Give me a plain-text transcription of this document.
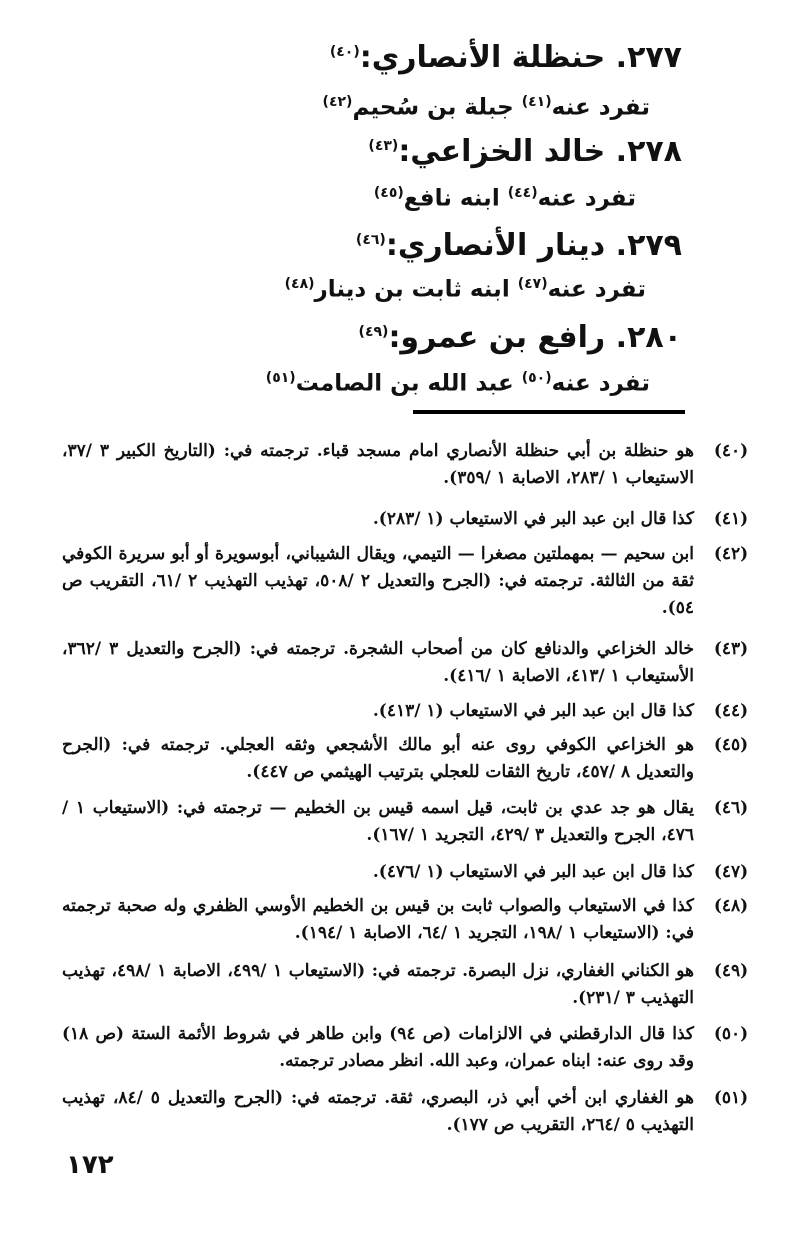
٢٧٧. حنظلة الأنصاري:$^{(٤٠)}$
تفرد عنه$^{(٤١)}$ جبلة بن سُحيم$^{(٤٢)}$
٢٧٨. خالد الخزاعي:$^{(٤٣)}$
تفرد عنه$^{(٤٤)}$ ابنه نافع$^{(٤٥)}$
٢٧٩. دينار الأنصاري:$^{(٤٦)}$
تفرد عنه$^{(٤٧)}$ ابنه ثابت بن دينار$^{(٤٨)}$
٢٨٠. رافع بن عمرو:$^{(٤٩)}$
تفرد عنه$^{(٥٠)}$ عبد الله بن الصامت$^{(٥١)}$
(٤٠)
هو حنظلة بن أبي حنظلة الأنصاري امام مسجد قباء. ترجمته في: (التاريخ الكبير ٣ /٣٧، الاستيعاب ١ /٢٨٣، الاصابة ١ /٣٥٩).
(٤١)
كذا قال ابن عبد البر في الاستيعاب (١ /٢٨٣).
(٤٢)
ابن سحيم — بمهملتين مصغرا — التيمي، ويقال الشيباني، أبوسويرة أو أبو سريرة الكوفي ثقة من الثالثة. ترجمته في: (الجرح والتعديل ٢ /٥٠٨، تهذيب التهذيب ٢ /٦١، التقريب ص ٥٤).
(٤٣)
خالد الخزاعي والدنافع كان من أصحاب الشجرة. ترجمته في: (الجرح والتعديل ٣ /٣٦٢، الأستيعاب ١ /٤١٣، الاصابة ١ /٤١٦).
(٤٤)
كذا قال ابن عبد البر في الاستيعاب (١ /٤١٣).
(٤٥)
هو الخزاعي الكوفي روى عنه أبو مالك الأشجعي وثقه العجلي. ترجمته في: (الجرح والتعديل ٨ /٤٥٧، تاريخ الثقات للعجلي بترتيب الهيثمي ص ٤٤٧).
(٤٦)
يقال هو جد عدي بن ثابت، قيل اسمه قيس بن الخطيم — ترجمته في: (الاستيعاب ١ /٤٧٦، الجرح والتعديل ٣ /٤٢٩، التجريد ١ /١٦٧).
(٤٧)
كذا قال ابن عبد البر في الاستيعاب (١ /٤٧٦).
(٤٨)
كذا في الاستيعاب والصواب ثابت بن قيس بن الخطيم الأوسي الظفري وله صحبة ترجمته في: (الاستيعاب ١ /١٩٨، التجريد ١ /٦٤، الاصابة ١ /١٩٤).
(٤٩)
هو الكناني الغفاري، نزل البصرة. ترجمته في: (الاستيعاب ١ /٤٩٩، الاصابة ١ /٤٩٨، تهذيب التهذيب ٣ /٢٣١).
(٥٠)
كذا قال الدارقطني في الالزامات (ص ٩٤) وابن طاهر في شروط الأئمة الستة (ص ١٨) وقد روى عنه: ابناه عمران، وعبد الله. انظر مصادر ترجمته.
(٥١)
هو الغفاري ابن أخي أبي ذر، البصري، ثقة. ترجمته في: (الجرح والتعديل ٥ /٨٤، تهذيب التهذيب ٥ /٢٦٤، التقريب ص ١٧٧).
١٧٢
